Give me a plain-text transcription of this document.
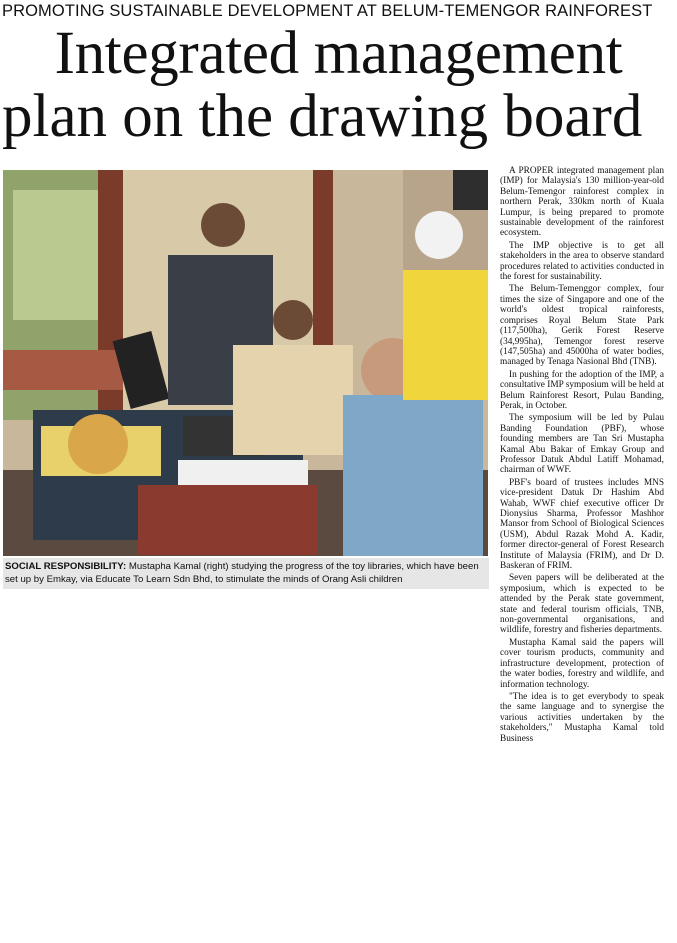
PROMOTING SUSTAINABLE DEVELOPMENT AT BELUM-TEMENGOR RAINFOREST
Integrated management
plan on the drawing board
SOCIAL RESPONSIBILITY: Mustapha Kamal (right) studying the progress of the toy libraries, which have been set up by Emkay, via Educate To Learn Sdn Bhd, to stimulate the minds of Orang Asli children

A PROPER integrated management plan (IMP) for Malaysia's 130 million-year-old Belum-Temengor rainforest complex in northern Perak, 330km north of Kuala Lumpur, is being prepared to promote sustainable development of the rainforest ecosystem.

The IMP objective is to get all stakeholders in the area to observe standard procedures related to activities conducted in the forest for sustainability.

The Belum-Temenggor complex, four times the size of Singapore and one of the world's oldest tropical rainforests, comprises Royal Belum State Park (117,500ha), Gerik Forest Reserve (34,995ha), Temengor forest reserve (147,505ha) and 45000ha of water bodies, managed by Tenaga Nasional Bhd (TNB).

In pushing for the adoption of the IMP, a consultative IMP symposium will be held at Belum Rainforest Resort, Pulau Banding, Perak, in October.

The symposium will be led by Pulau Banding Foundation (PBF), whose founding members are Tan Sri Mustapha Kamal Abu Bakar of Emkay Group and Professor Datuk Abdul Latiff Mohamad, chairman of WWF.

PBF's board of trustees includes MNS vice-president Datuk Dr Hashim Abd Wahab, WWF chief executive officer Dr Dionysius Sharma, Professor Mashhor Mansor from School of Biological Sciences (USM), Abdul Razak Mohd A. Kadir, former director-general of Forest Research Institute of Malaysia (FRIM), and Dr D. Baskeran of FRIM.

Seven papers will be deliberated at the symposium, which is expected to be attended by the Perak state government, state and federal tourism officials, TNB, non-governmental organisations, and wildlife, forestry and fisheries departments.

Mustapha Kamal said the papers will cover tourism products, community and infrastructure development, protection of the water bodies, forestry and wildlife, and information technology.

"The idea is to get everybody to speak the same language and to synergise the various activities undertaken by the stakeholders," Mustapha Kamal told Business
